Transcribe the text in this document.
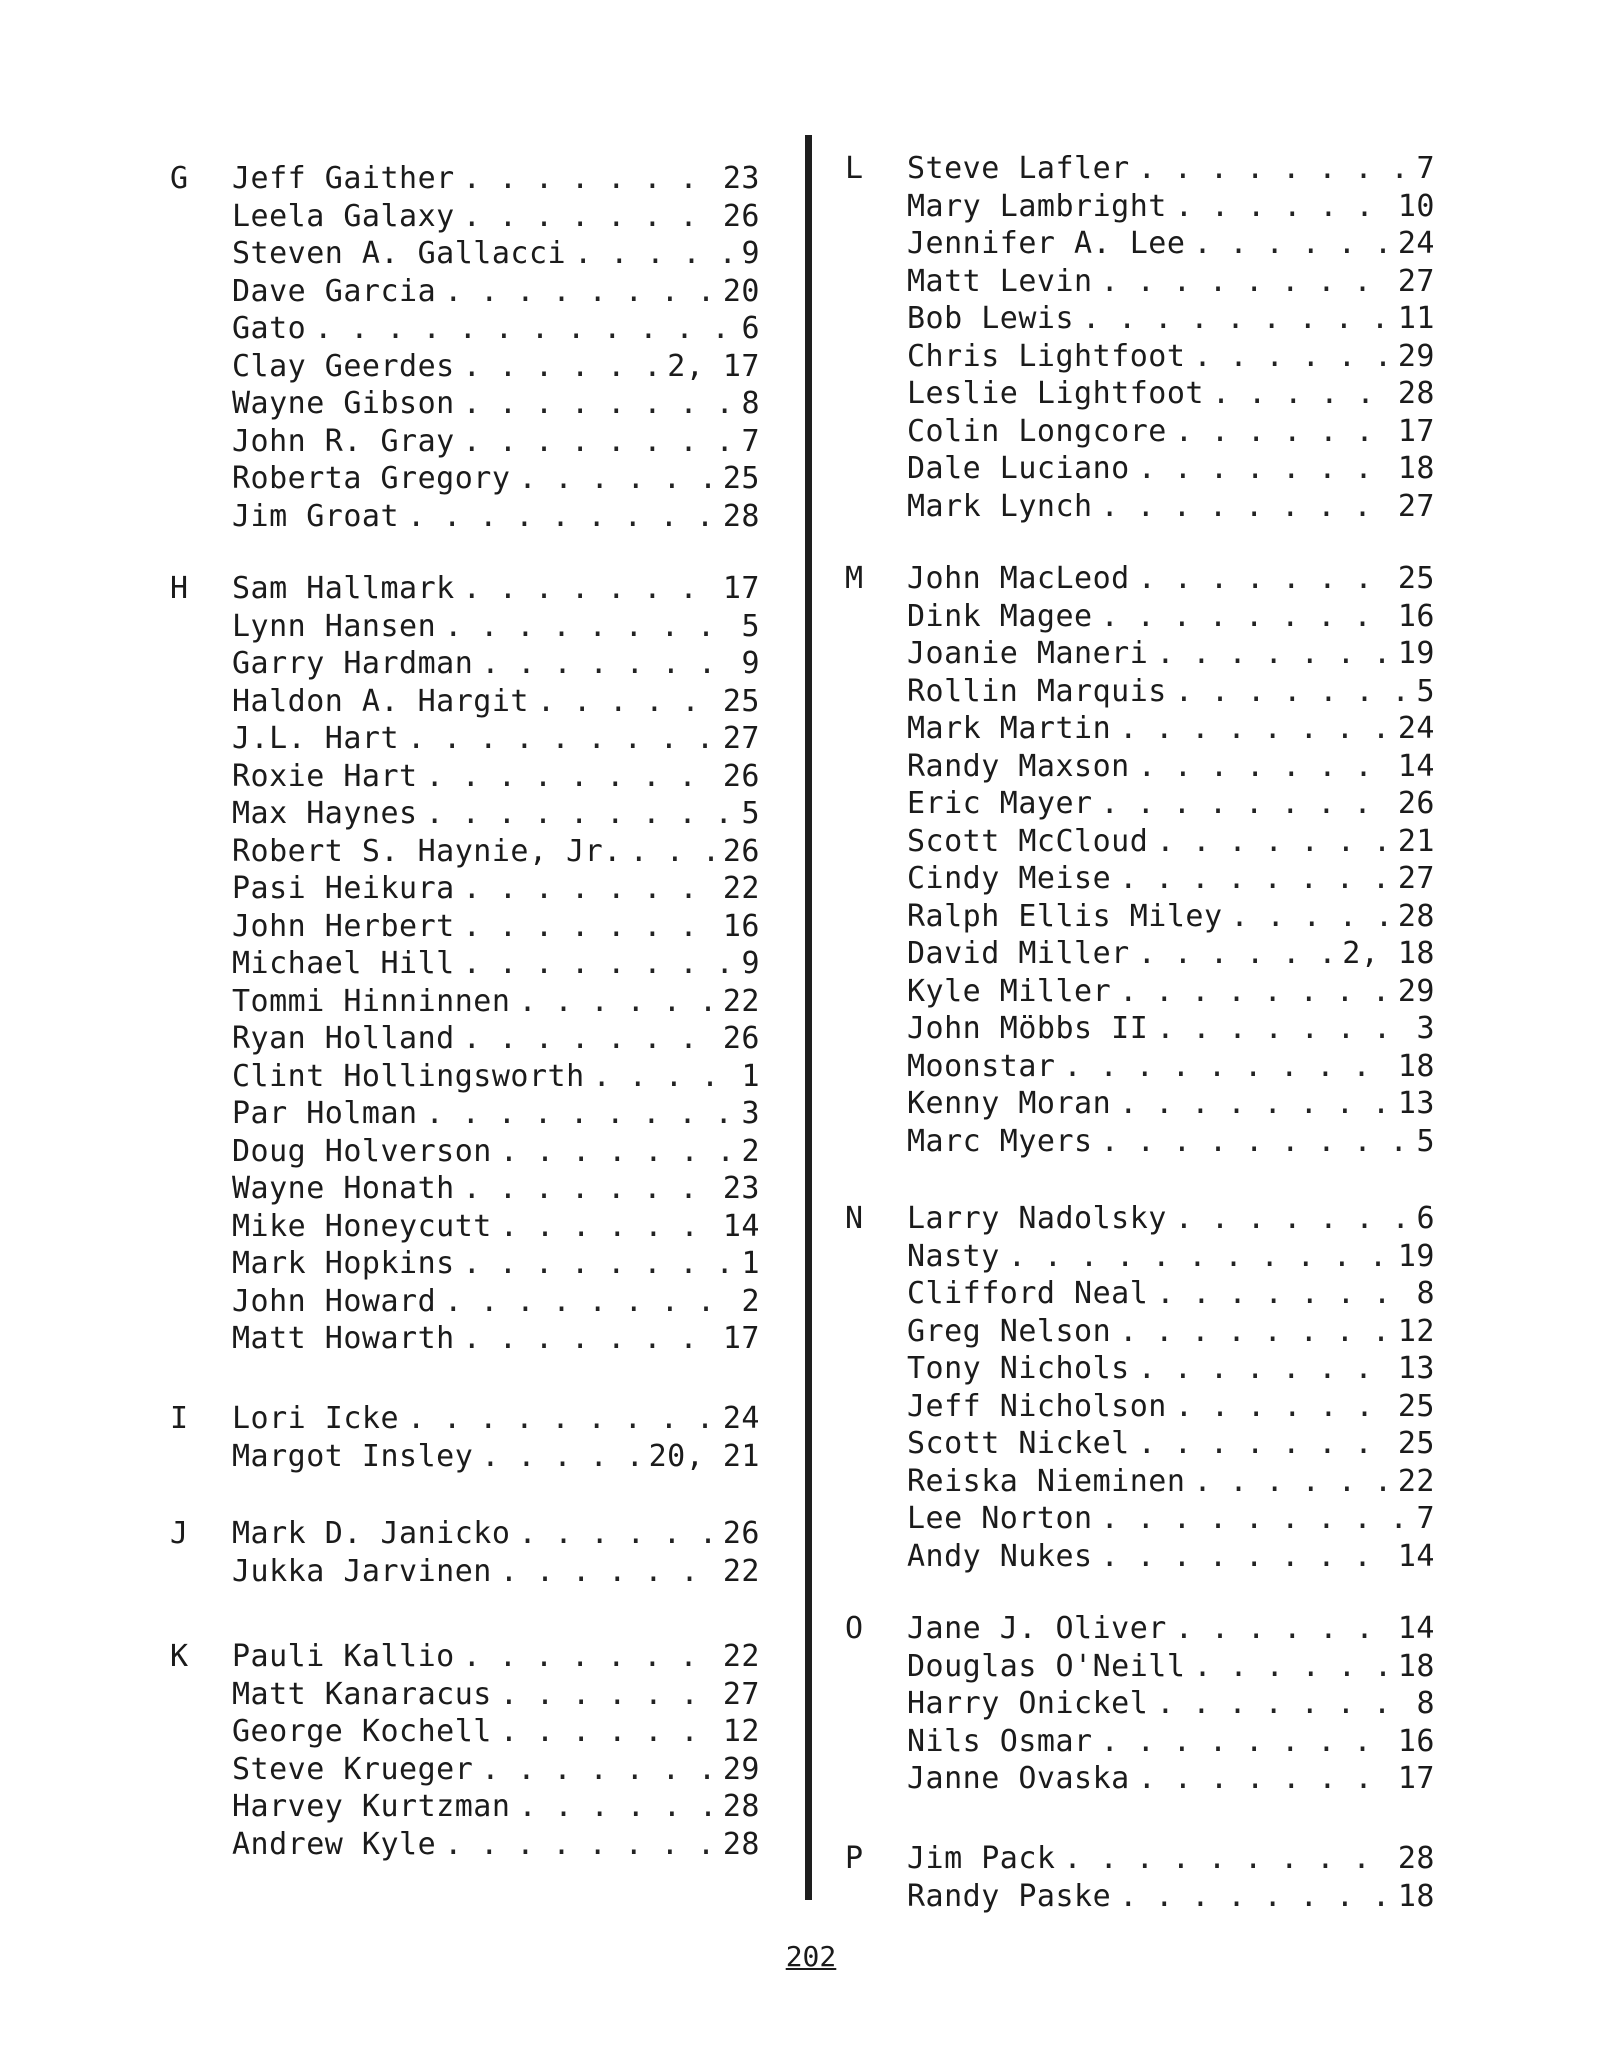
G Jeff Gaither . . .	23
Leela Galaxy . . .	26
Steven A. Gallacci . . .	9
Dave Garcia . . .	20
Gato . . .	6
Clay Geerdes . . .	2, 17
Wayne Gibson . . .	8
John R. Gray . . .	7
Roberta Gregory . . .	25
Jim Groat . . .	28
H Sam Hallmark . . .	17
Lynn Hansen . . .	5
Garry Hardman . . .	9
Haldon A. Hargit . . .	25
J.L. Hart . . .	27
Roxie Hart . . .	26
Max Haynes . . .	5
Robert S. Haynie, Jr. . . .	26
Pasi Heikura . . .	22
John Herbert . . .	16
Michael Hill . . .	9
Tommi Hinninnen . . .	22
Ryan Holland . . .	26
Clint Hollingsworth . . .	1
Par Holman . . .	3
Doug Holverson . . .	2
Wayne Honath . . .	23
Mike Honeycutt . . .	14
Mark Hopkins . . .	1
John Howard . . .	2
Matt Howarth . . .	17
I Lori Icke . . .	24
Margot Insley . . .	20, 21
J Mark D. Janicko . . .	26
Jukka Jarvinen . . .	22
K Pauli Kallio . . .	22
Matt Kanaracus . . .	27
George Kochell . . .	12
Steve Krueger . . .	29
Harvey Kurtzman . . .	28
Andrew Kyle . . .	28
L Steve Lafler . . .	7
Mary Lambright . . .	10
Jennifer A. Lee . . .	24
Matt Levin . . .	27
Bob Lewis . . .	11
Chris Lightfoot . . .	29
Leslie Lightfoot . . .	28
Colin Longcore . . .	17
Dale Luciano . . .	18
Mark Lynch . . .	27
M John MacLeod . . .	25
Dink Magee . . .	16
Joanie Maneri . . .	19
Rollin Marquis . . .	5
Mark Martin . . .	24
Randy Maxson . . .	14
Eric Mayer . . .	26
Scott McCloud . . .	21
Cindy Meise . . .	27
Ralph Ellis Miley . . .	28
David Miller . . .	2, 18
Kyle Miller . . .	29
John Möbbs II . . .	3
Moonstar . . .	18
Kenny Moran . . .	13
Marc Myers . . .	5
N Larry Nadolsky . . .	6
Nasty . . .	19
Clifford Neal . . .	8
Greg Nelson . . .	12
Tony Nichols . . .	13
Jeff Nicholson . . .	25
Scott Nickel . . .	25
Reiska Nieminen . . .	22
Lee Norton . . .	7
Andy Nukes . . .	14
O Jane J. Oliver . . .	14
Douglas O'Neill . . .	18
Harry Onickel . . .	8
Nils Osmar . . .	16
Janne Ovaska . . .	17
P Jim Pack . . .	28
Randy Paske . . .	18
202
